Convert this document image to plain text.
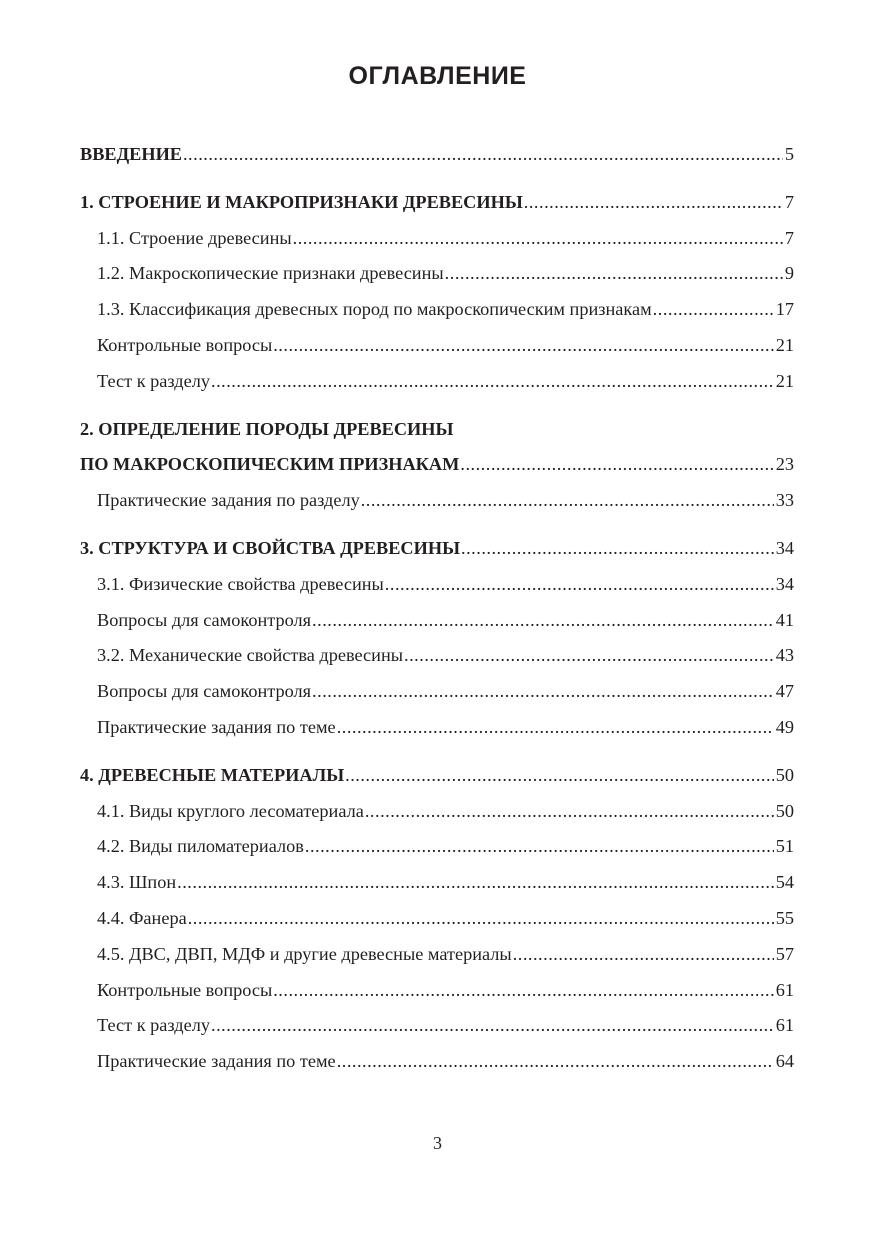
ОГЛАВЛЕНИЕ
ВВЕДЕНИЕ .....	5
1. СТРОЕНИЕ И МАКРОПРИЗНАКИ ДРЕВЕСИНЫ .....	7
1.1. Строение древесины .....	7
1.2. Макроскопические признаки древесины .....	9
1.3. Классификация древесных пород по макроскопическим признакам .....	17
Контрольные вопросы .....	21
Тест к разделу .....	21
2. ОПРЕДЕЛЕНИЕ ПОРОДЫ ДРЕВЕСИНЫ
ПО МАКРОСКОПИЧЕСКИМ ПРИЗНАКАМ .....	23
Практические задания по разделу .....	33
3. СТРУКТУРА И СВОЙСТВА ДРЕВЕСИНЫ .....	34
3.1. Физические свойства древесины .....	34
Вопросы для самоконтроля .....	41
3.2. Механические свойства древесины .....	43
Вопросы для самоконтроля .....	47
Практические задания по теме .....	49
4. ДРЕВЕСНЫЕ МАТЕРИАЛЫ .....	50
4.1. Виды круглого лесоматериала .....	50
4.2. Виды пиломатериалов .....	51
4.3. Шпон .....	54
4.4. Фанера .....	55
4.5. ДВС, ДВП, МДФ и другие древесные материалы .....	57
Контрольные вопросы .....	61
Тест к разделу .....	61
Практические задания по теме .....	64
3
